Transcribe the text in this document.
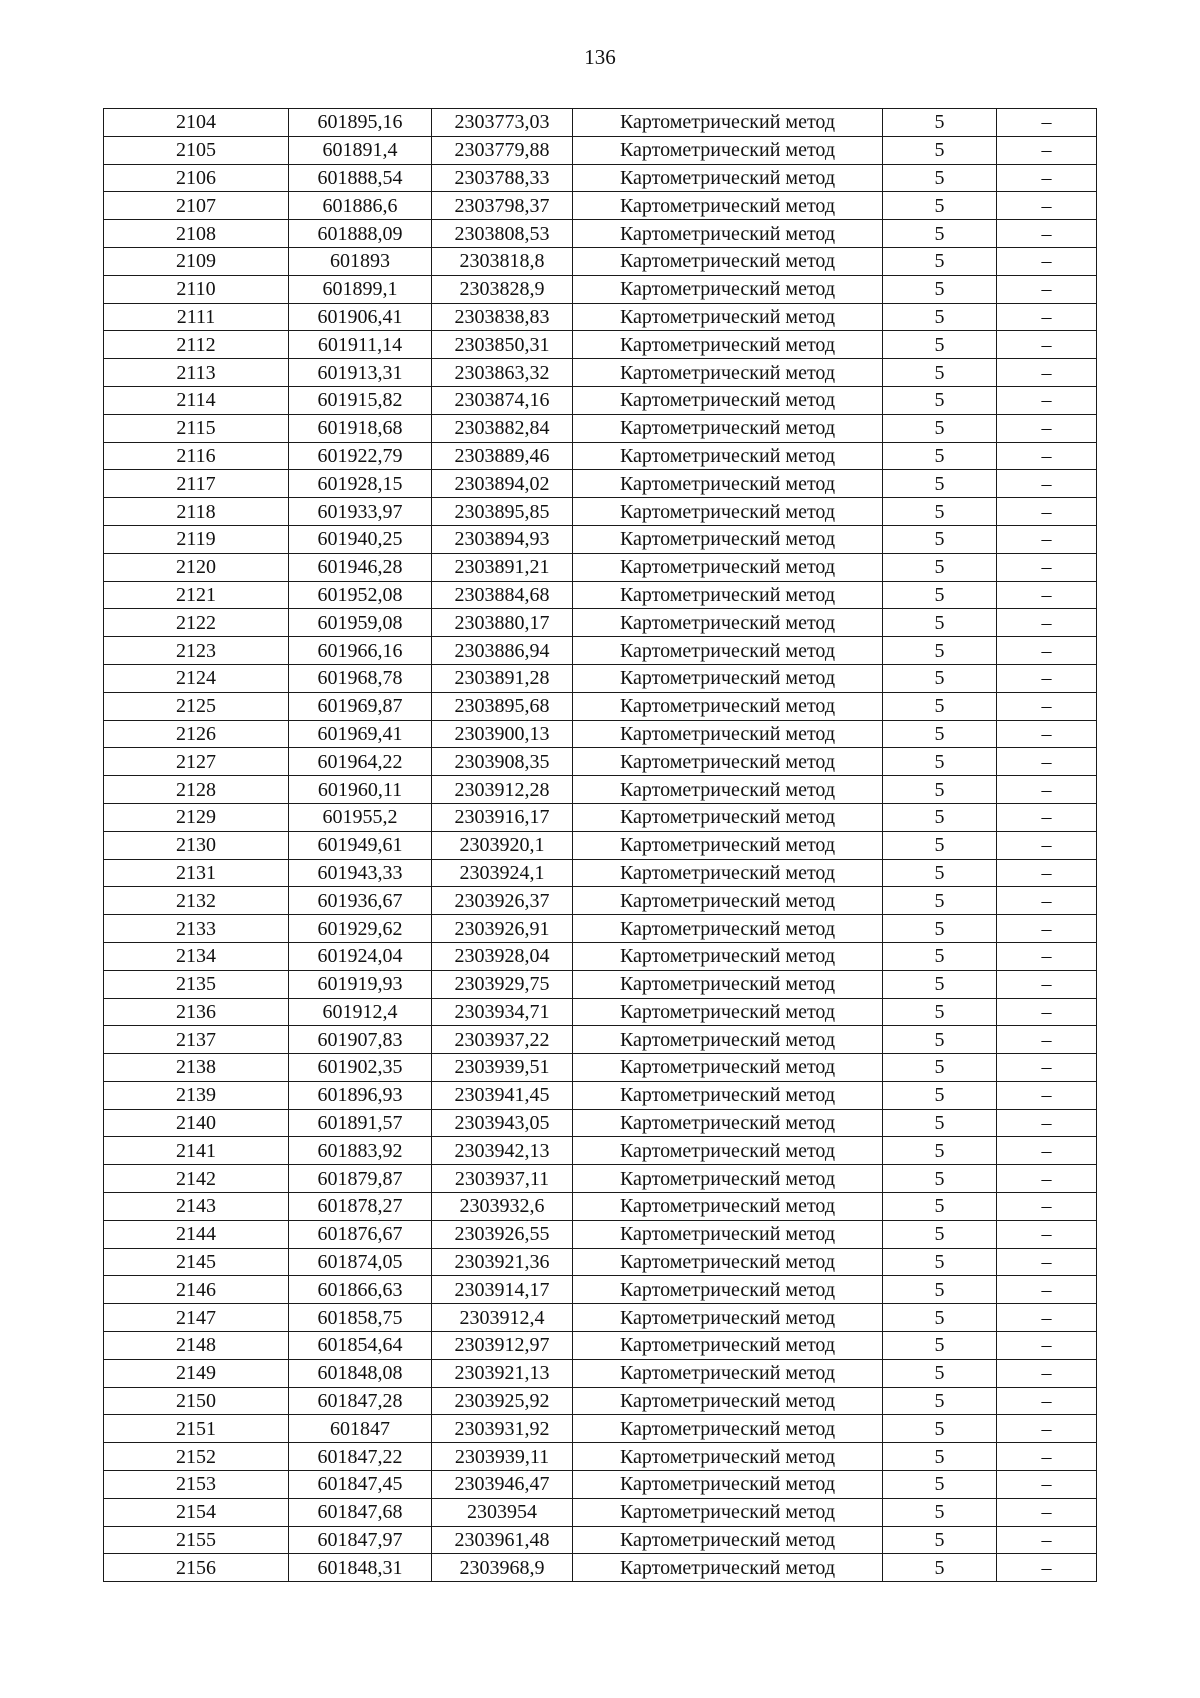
136
2104	601895,16	2303773,03	Картометрический метод	5	–
2105	601891,4	2303779,88	Картометрический метод	5	–
2106	601888,54	2303788,33	Картометрический метод	5	–
2107	601886,6	2303798,37	Картометрический метод	5	–
2108	601888,09	2303808,53	Картометрический метод	5	–
2109	601893	2303818,8	Картометрический метод	5	–
2110	601899,1	2303828,9	Картометрический метод	5	–
2111	601906,41	2303838,83	Картометрический метод	5	–
2112	601911,14	2303850,31	Картометрический метод	5	–
2113	601913,31	2303863,32	Картометрический метод	5	–
2114	601915,82	2303874,16	Картометрический метод	5	–
2115	601918,68	2303882,84	Картометрический метод	5	–
2116	601922,79	2303889,46	Картометрический метод	5	–
2117	601928,15	2303894,02	Картометрический метод	5	–
2118	601933,97	2303895,85	Картометрический метод	5	–
2119	601940,25	2303894,93	Картометрический метод	5	–
2120	601946,28	2303891,21	Картометрический метод	5	–
2121	601952,08	2303884,68	Картометрический метод	5	–
2122	601959,08	2303880,17	Картометрический метод	5	–
2123	601966,16	2303886,94	Картометрический метод	5	–
2124	601968,78	2303891,28	Картометрический метод	5	–
2125	601969,87	2303895,68	Картометрический метод	5	–
2126	601969,41	2303900,13	Картометрический метод	5	–
2127	601964,22	2303908,35	Картометрический метод	5	–
2128	601960,11	2303912,28	Картометрический метод	5	–
2129	601955,2	2303916,17	Картометрический метод	5	–
2130	601949,61	2303920,1	Картометрический метод	5	–
2131	601943,33	2303924,1	Картометрический метод	5	–
2132	601936,67	2303926,37	Картометрический метод	5	–
2133	601929,62	2303926,91	Картометрический метод	5	–
2134	601924,04	2303928,04	Картометрический метод	5	–
2135	601919,93	2303929,75	Картометрический метод	5	–
2136	601912,4	2303934,71	Картометрический метод	5	–
2137	601907,83	2303937,22	Картометрический метод	5	–
2138	601902,35	2303939,51	Картометрический метод	5	–
2139	601896,93	2303941,45	Картометрический метод	5	–
2140	601891,57	2303943,05	Картометрический метод	5	–
2141	601883,92	2303942,13	Картометрический метод	5	–
2142	601879,87	2303937,11	Картометрический метод	5	–
2143	601878,27	2303932,6	Картометрический метод	5	–
2144	601876,67	2303926,55	Картометрический метод	5	–
2145	601874,05	2303921,36	Картометрический метод	5	–
2146	601866,63	2303914,17	Картометрический метод	5	–
2147	601858,75	2303912,4	Картометрический метод	5	–
2148	601854,64	2303912,97	Картометрический метод	5	–
2149	601848,08	2303921,13	Картометрический метод	5	–
2150	601847,28	2303925,92	Картометрический метод	5	–
2151	601847	2303931,92	Картометрический метод	5	–
2152	601847,22	2303939,11	Картометрический метод	5	–
2153	601847,45	2303946,47	Картометрический метод	5	–
2154	601847,68	2303954	Картометрический метод	5	–
2155	601847,97	2303961,48	Картометрический метод	5	–
2156	601848,31	2303968,9	Картометрический метод	5	–
